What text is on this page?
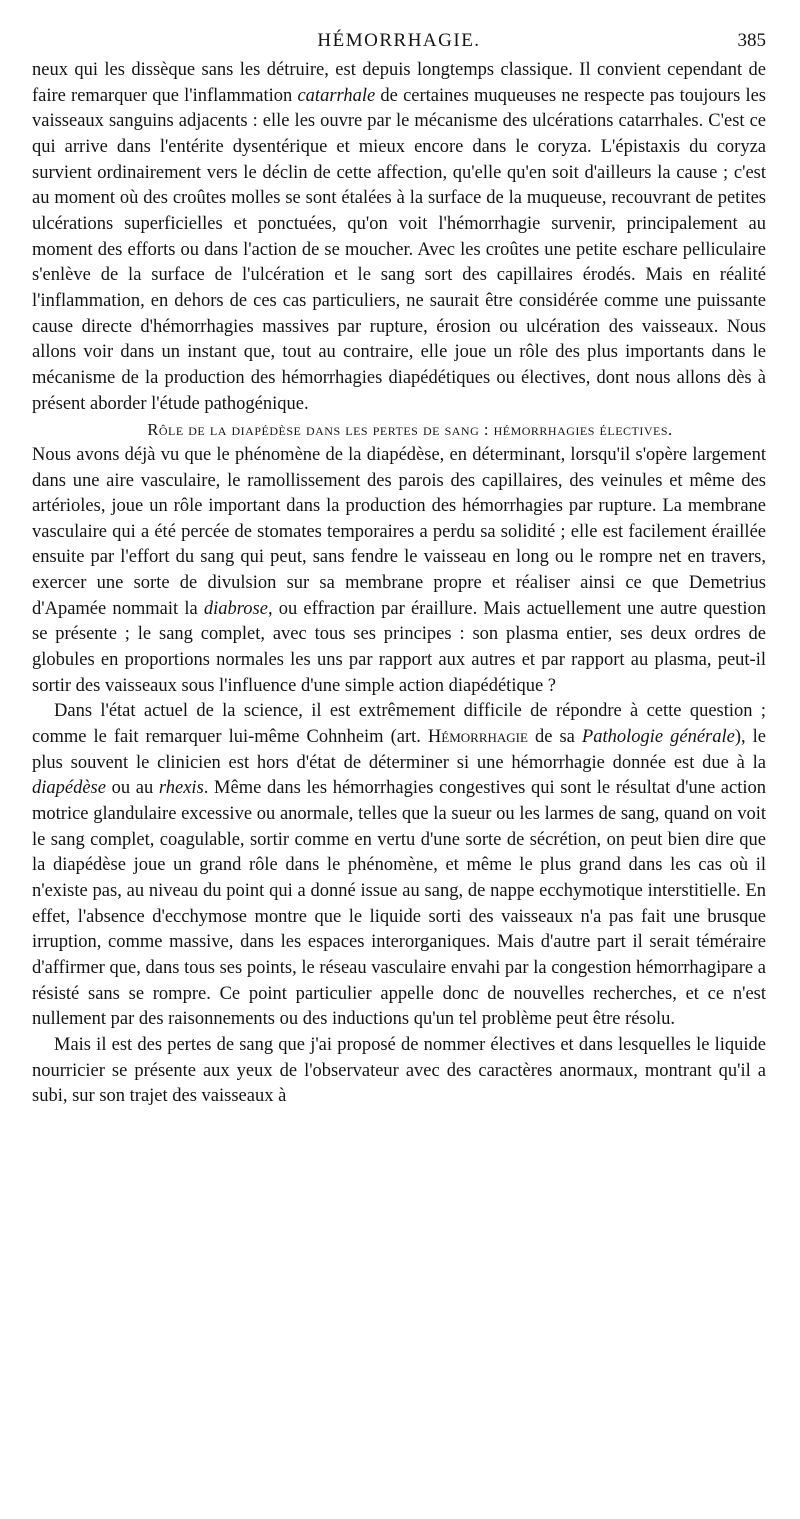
HÉMORRHAGIE.	385

neux qui les dissèque sans les détruire, est depuis longtemps classique. Il convient cependant de faire remarquer que l'inflammation catarrhale de certaines muqueuses ne respecte pas toujours les vaisseaux sanguins adjacents : elle les ouvre par le mécanisme des ulcérations catarrhales. C'est ce qui arrive dans l'entérite dysentérique et mieux encore dans le coryza. L'épistaxis du coryza survient ordinairement vers le déclin de cette affection, qu'elle qu'en soit d'ailleurs la cause ; c'est au moment où des croûtes molles se sont étalées à la surface de la muqueuse, recouvrant de petites ulcérations superficielles et ponctuées, qu'on voit l'hémorrhagie survenir, principalement au moment des efforts ou dans l'action de se moucher. Avec les croûtes une petite eschare pelliculaire s'enlève de la surface de l'ulcération et le sang sort des capillaires érodés. Mais en réalité l'inflammation, en dehors de ces cas particuliers, ne saurait être considérée comme une puissante cause directe d'hémorrhagies massives par rupture, érosion ou ulcération des vaisseaux. Nous allons voir dans un instant que, tout au contraire, elle joue un rôle des plus importants dans le mécanisme de la production des hémorrhagies diapédétiques ou électives, dont nous allons dès à présent aborder l'étude pathogénique.

Rôle de la diapédèse dans les pertes de sang : hémorrhagies électives.

Nous avons déjà vu que le phénomène de la diapédèse, en déterminant, lorsqu'il s'opère largement dans une aire vasculaire, le ramollissement des parois des capillaires, des veinules et même des artérioles, joue un rôle important dans la production des hémorrhagies par rupture. La membrane vasculaire qui a été percée de stomates temporaires a perdu sa solidité ; elle est facilement éraillée ensuite par l'effort du sang qui peut, sans fendre le vaisseau en long ou le rompre net en travers, exercer une sorte de divulsion sur sa membrane propre et réaliser ainsi ce que Demetrius d'Apamée nommait la diabrose, ou effraction par éraillure. Mais actuellement une autre question se présente ; le sang complet, avec tous ses principes : son plasma entier, ses deux ordres de globules en proportions normales les uns par rapport aux autres et par rapport au plasma, peut-il sortir des vaisseaux sous l'influence d'une simple action diapédétique ?

Dans l'état actuel de la science, il est extrêmement difficile de répondre à cette question ; comme le fait remarquer lui-même Cohnheim (art. Hémorrhagie de sa Pathologie générale), le plus souvent le clinicien est hors d'état de déterminer si une hémorrhagie donnée est due à la diapédèse ou au rhexis. Même dans les hémorrhagies congestives qui sont le résultat d'une action motrice glandulaire excessive ou anormale, telles que la sueur ou les larmes de sang, quand on voit le sang complet, coagulable, sortir comme en vertu d'une sorte de sécrétion, on peut bien dire que la diapédèse joue un grand rôle dans le phénomène, et même le plus grand dans les cas où il n'existe pas, au niveau du point qui a donné issue au sang, de nappe ecchymotique interstitielle. En effet, l'absence d'ecchymose montre que le liquide sorti des vaisseaux n'a pas fait une brusque irruption, comme massive, dans les espaces interorganiques. Mais d'autre part il serait téméraire d'affirmer que, dans tous ses points, le réseau vasculaire envahi par la congestion hémorrhagipare a résisté sans se rompre. Ce point particulier appelle donc de nouvelles recherches, et ce n'est nullement par des raisonnements ou des inductions qu'un tel problème peut être résolu.

Mais il est des pertes de sang que j'ai proposé de nommer électives et dans lesquelles le liquide nourricier se présente aux yeux de l'observateur avec des caractères anormaux, montrant qu'il a subi, sur son trajet des vaisseaux à
